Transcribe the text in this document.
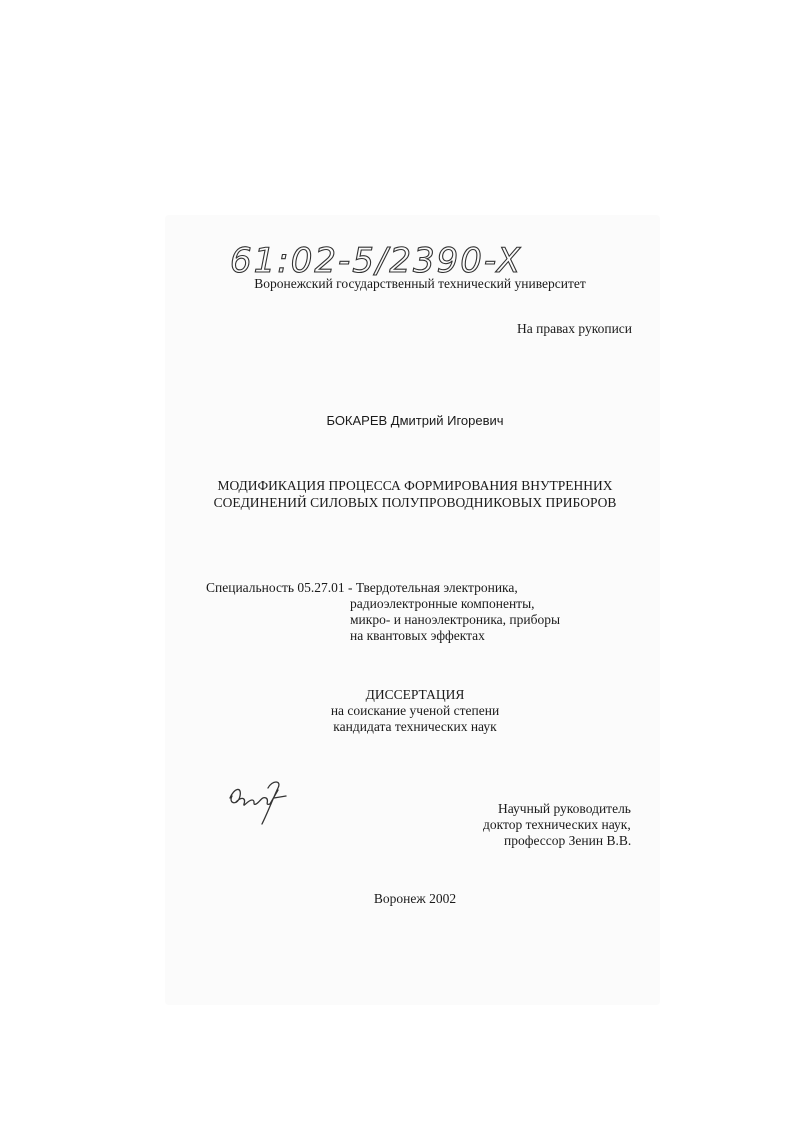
61:02-5/2390-X
Воронежский государственный технический университет
На правах рукописи
БОКАРЕВ Дмитрий Игоревич
МОДИФИКАЦИЯ ПРОЦЕССА ФОРМИРОВАНИЯ ВНУТРЕННИХ
СОЕДИНЕНИЙ СИЛОВЫХ ПОЛУПРОВОДНИКОВЫХ ПРИБОРОВ
Специальность 05.27.01 - Твердотельная электроника,
радиоэлектронные компоненты,
микро- и наноэлектроника, приборы
на квантовых эффектах
ДИССЕРТАЦИЯ
на соискание ученой степени
кандидата технических наук
Научный руководитель
доктор технических наук,
профессор Зенин В.В.
Воронеж 2002
